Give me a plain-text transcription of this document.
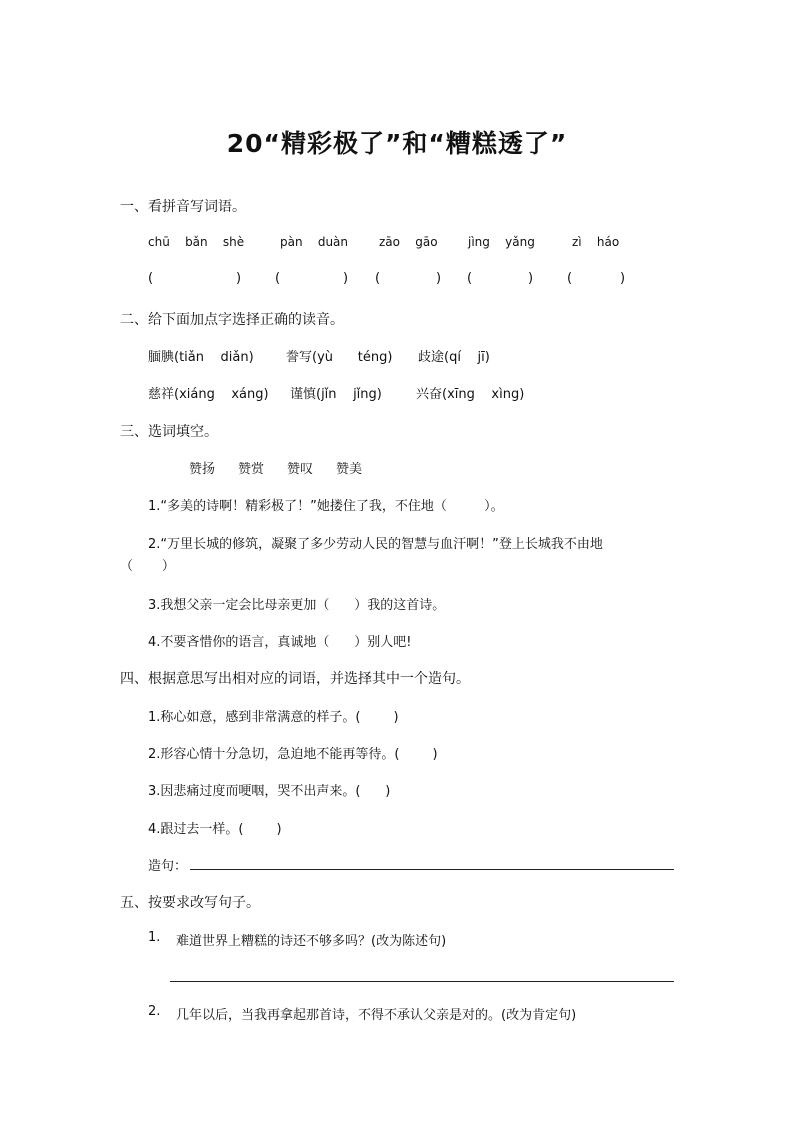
20“精彩极了”和“糟糕透了”
一、看拼音写词语。
chū    bǎn    shè	pàn    duàn	zāo    gāo	jìng    yǎng	zì    háo
(	)	(	) (	) (	)	(	)
二、给下面加点字选择正确的读音。
腼腆(tiǎn    diǎn) 誊写(yù      téng) 歧途(qí    jī)
慈祥(xiáng    xáng) 谨慎(jǐn    jǐng)	兴奋(xīng    xìng)
三、选词填空。
赞扬 赞赏 赞叹 赞美
1.“多美的诗啊！精彩极了！”她搂住了我，不住地（         ）。
2.“万里长城的修筑，凝聚了多少劳动人民的智慧与血汗啊！”登上长城我不由地
（       ）
3.我想父亲一定会比母亲更加（      ）我的这首诗。
4.不要吝惜你的语言，真诚地（      ）别人吧!
四、根据意思写出相对应的词语，并选择其中一个造句。
1.称心如意，感到非常满意的样子。(        )
2.形容心情十分急切，急迫地不能再等待。(        )
3.因悲痛过度而哽咽，哭不出声来。(      )
4.跟过去一样。(        )
造句：
五、按要求改写句子。
1. 难道世界上糟糕的诗还不够多吗？(改为陈述句)
2. 几年以后，当我再拿起那首诗，不得不承认父亲是对的。(改为肯定句)
